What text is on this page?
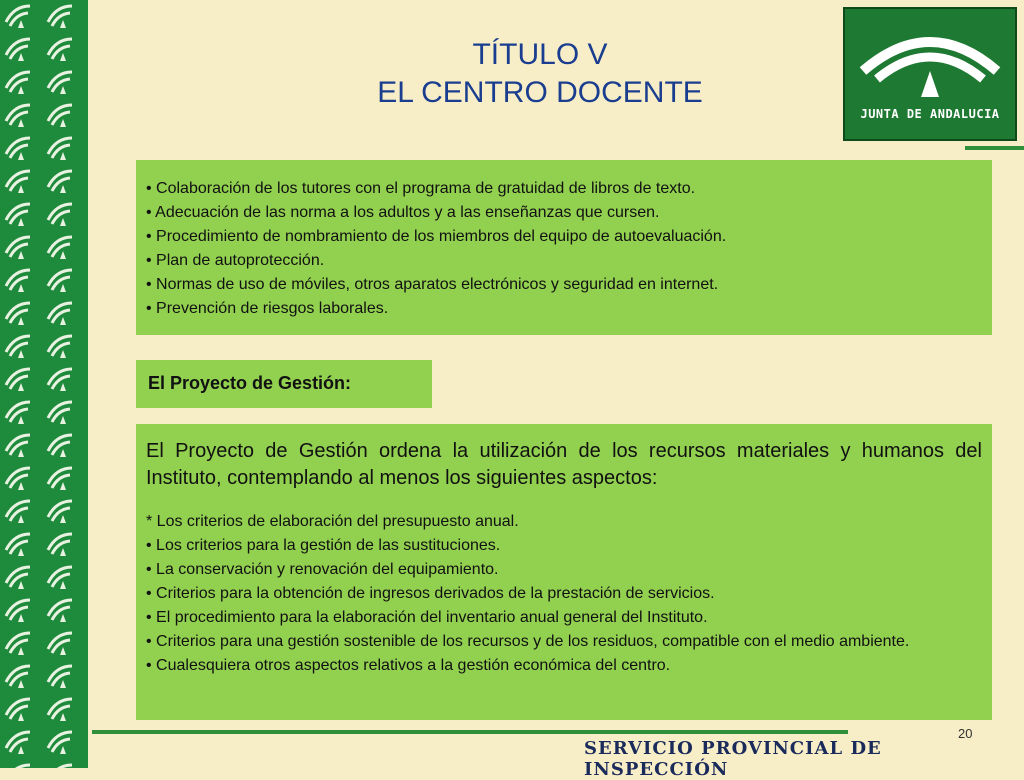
TÍTULO V
EL CENTRO DOCENTE
JUNTA DE ANDALUCIA
• Colaboración de los tutores con el programa de gratuidad de libros de texto.
• Adecuación de las norma a los adultos y a las enseñanzas que cursen.
• Procedimiento de nombramiento de los miembros del equipo de autoevaluación.
• Plan de autoprotección.
• Normas de uso de móviles, otros aparatos electrónicos y seguridad en internet.
• Prevención de riesgos laborales.
El Proyecto de Gestión:
El Proyecto de Gestión ordena la utilización de los recursos materiales y humanos del Instituto, contemplando al menos los siguientes aspectos:
* Los criterios de elaboración del presupuesto anual.
• Los criterios para la gestión de las sustituciones.
• La conservación y renovación del equipamiento.
• Criterios para la obtención de ingresos derivados de la prestación de servicios.
• El procedimiento para la elaboración del inventario anual general del Instituto.
• Criterios para una gestión sostenible de los recursos y de los residuos, compatible con el medio ambiente.
• Cualesquiera otros aspectos relativos a la gestión económica del centro.
SERVICIO PROVINCIAL DE INSPECCIÓN
20
